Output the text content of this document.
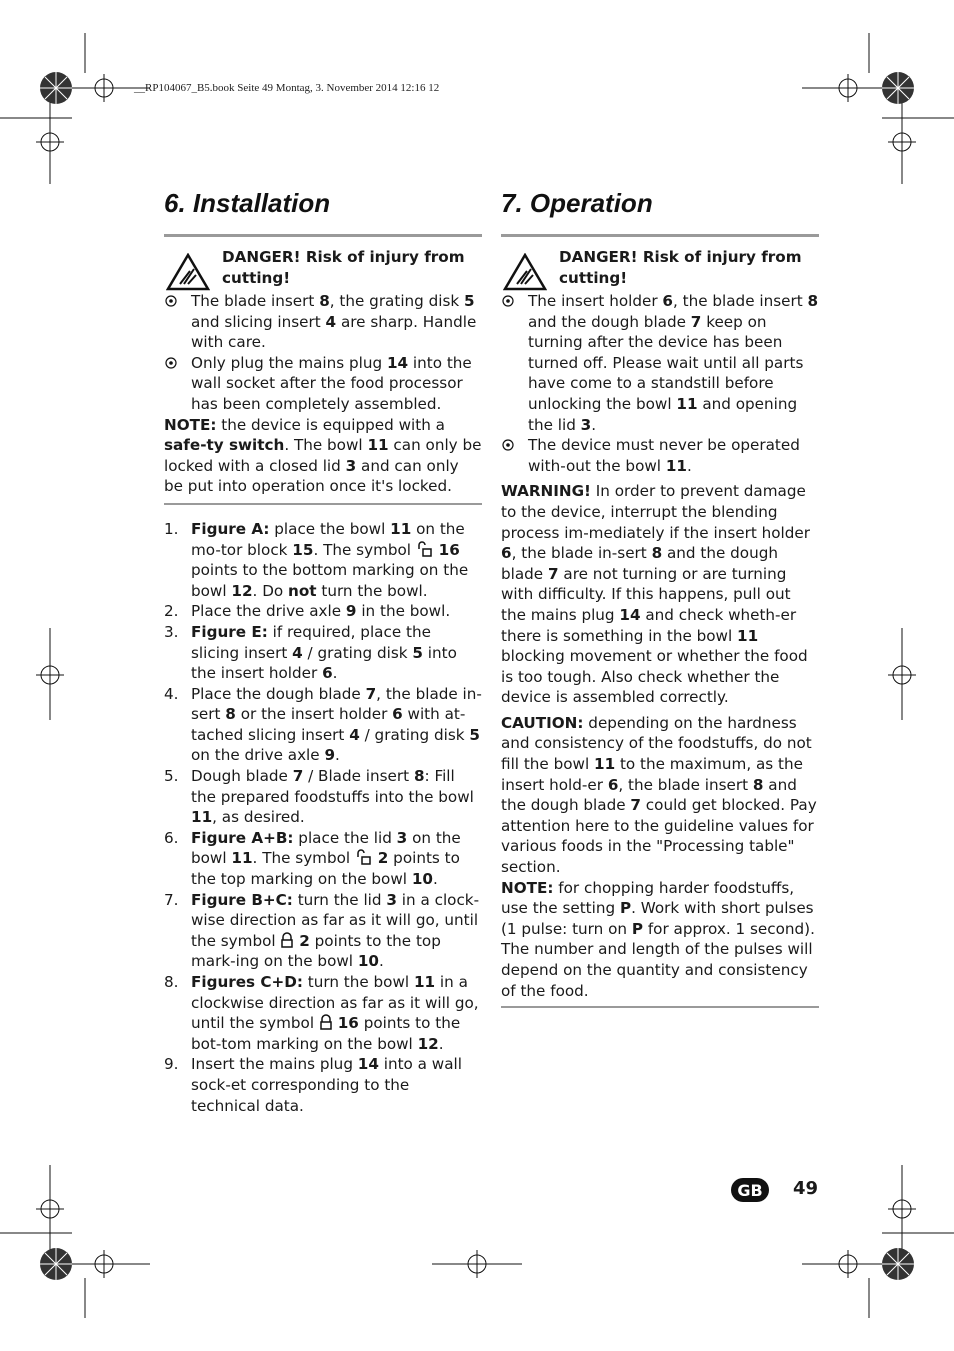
__RP104067_B5.book Seite 49 Montag, 3. November 2014 12:16 12
6. Installation
DANGER! Risk of injury from cutting!
The blade insert 8, the grating disk 5 and slicing insert 4 are sharp. Handle with care.
Only plug the mains plug 14 into the wall socket after the food processor has been completely assembled.
NOTE: the device is equipped with a safe-ty switch. The bowl 11 can only be locked with a closed lid 3 and can only be put into operation once it's locked.
1. Figure A: place the bowl 11 on the mo-tor block 15. The symbol  16 points to the bottom marking on the bowl 12. Do not turn the bowl.
2. Place the drive axle 9 in the bowl.
3. Figure E: if required, place the slicing insert 4 / grating disk 5 into the insert holder 6.
4. Place the dough blade 7, the blade in-sert 8 or the insert holder 6 with at-tached slicing insert 4 / grating disk 5 on the drive axle 9.
5. Dough blade 7 / Blade insert 8: Fill the prepared foodstuffs into the bowl 11, as desired.
6. Figure A+B: place the lid 3 on the bowl 11. The symbol  2 points to the top marking on the bowl 10.
7. Figure B+C: turn the lid 3 in a clock-wise direction as far as it will go, until the symbol  2 points to the top mark-ing on the bowl 10.
8. Figures C+D: turn the bowl 11 in a clockwise direction as far as it will go, until the symbol  16 points to the bot-tom marking on the bowl 12.
9. Insert the mains plug 14 into a wall sock-et corresponding to the technical data.
7. Operation
DANGER! Risk of injury from cutting!
The insert holder 6, the blade insert 8 and the dough blade 7 keep on turning after the device has been turned off. Please wait until all parts have come to a standstill before unlocking the bowl 11 and opening the lid 3.
The device must never be operated with-out the bowl 11.
WARNING! In order to prevent damage to the device, interrupt the blending process im-mediately if the insert holder 6, the blade in-sert 8 and the dough blade 7 are not turning or are turning with difficulty. If this happens, pull out the mains plug 14 and check wheth-er there is something in the bowl 11 blocking movement or whether the food is too tough. Also check whether the device is assembled correctly.
CAUTION: depending on the hardness and consistency of the foodstuffs, do not fill the bowl 11 to the maximum, as the insert hold-er 6, the blade insert 8 and the dough blade 7 could get blocked. Pay attention here to the guideline values for various foods in the "Processing table" section.
NOTE: for chopping harder foodstuffs, use the setting P. Work with short pulses (1 pulse: turn on P for approx. 1 second). The number and length of the pulses will depend on the quantity and consistency of the food.
GB	49
